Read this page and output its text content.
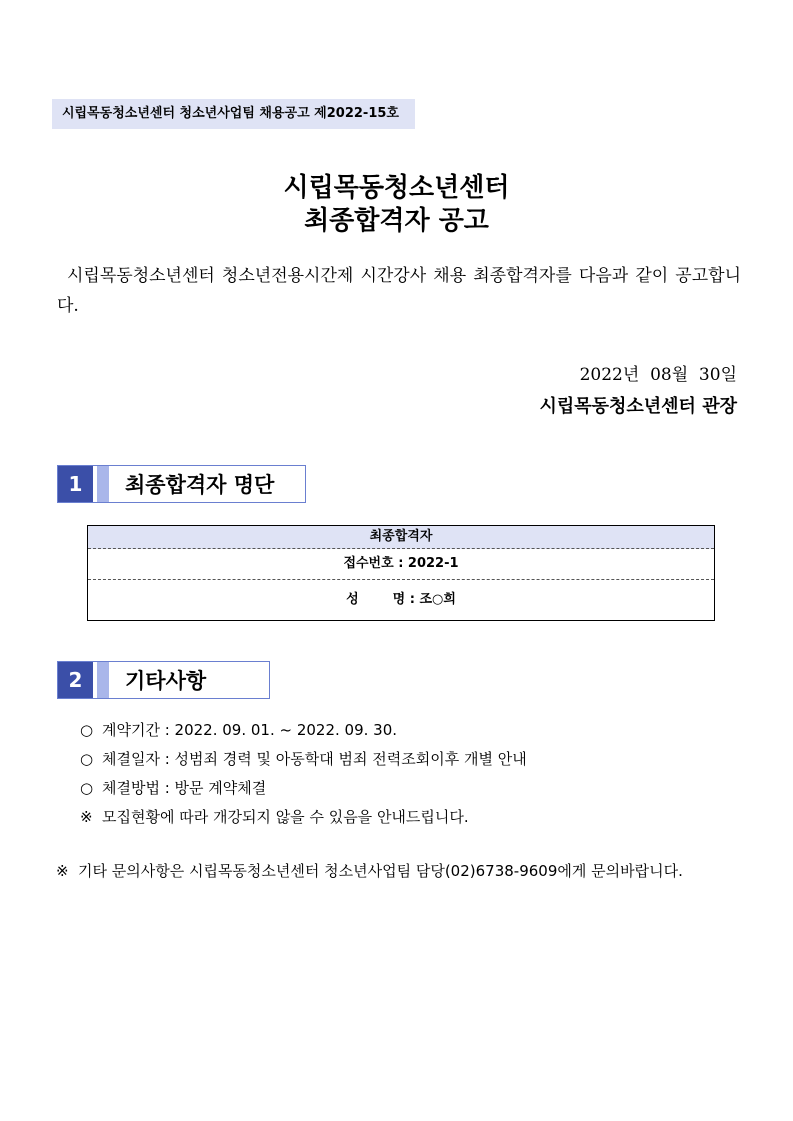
시립목동청소년센터 청소년사업팀 채용공고 제2022-15호
시립목동청소년센터
최종합격자 공고
시립목동청소년센터 청소년전용시간제 시간강사 채용 최종합격자를 다음과 같이 공고합니다.
2022년  08월  30일
시립목동청소년센터 관장
1	최종합격자 명단
최종합격자
접수번호 : 2022-1
성	명 : 조○희
2	기타사항
○ 계약기간 : 2022. 09. 01. ~ 2022. 09. 30.
○ 체결일자 : 성범죄 경력 및 아동학대 범죄 전력조회이후 개별 안내
○ 체결방법 : 방문 계약체결
※ 모집현황에 따라 개강되지 않을 수 있음을 안내드립니다.
※ 기타 문의사항은 시립목동청소년센터 청소년사업팀 담당(02)6738-9609에게 문의바랍니다.
